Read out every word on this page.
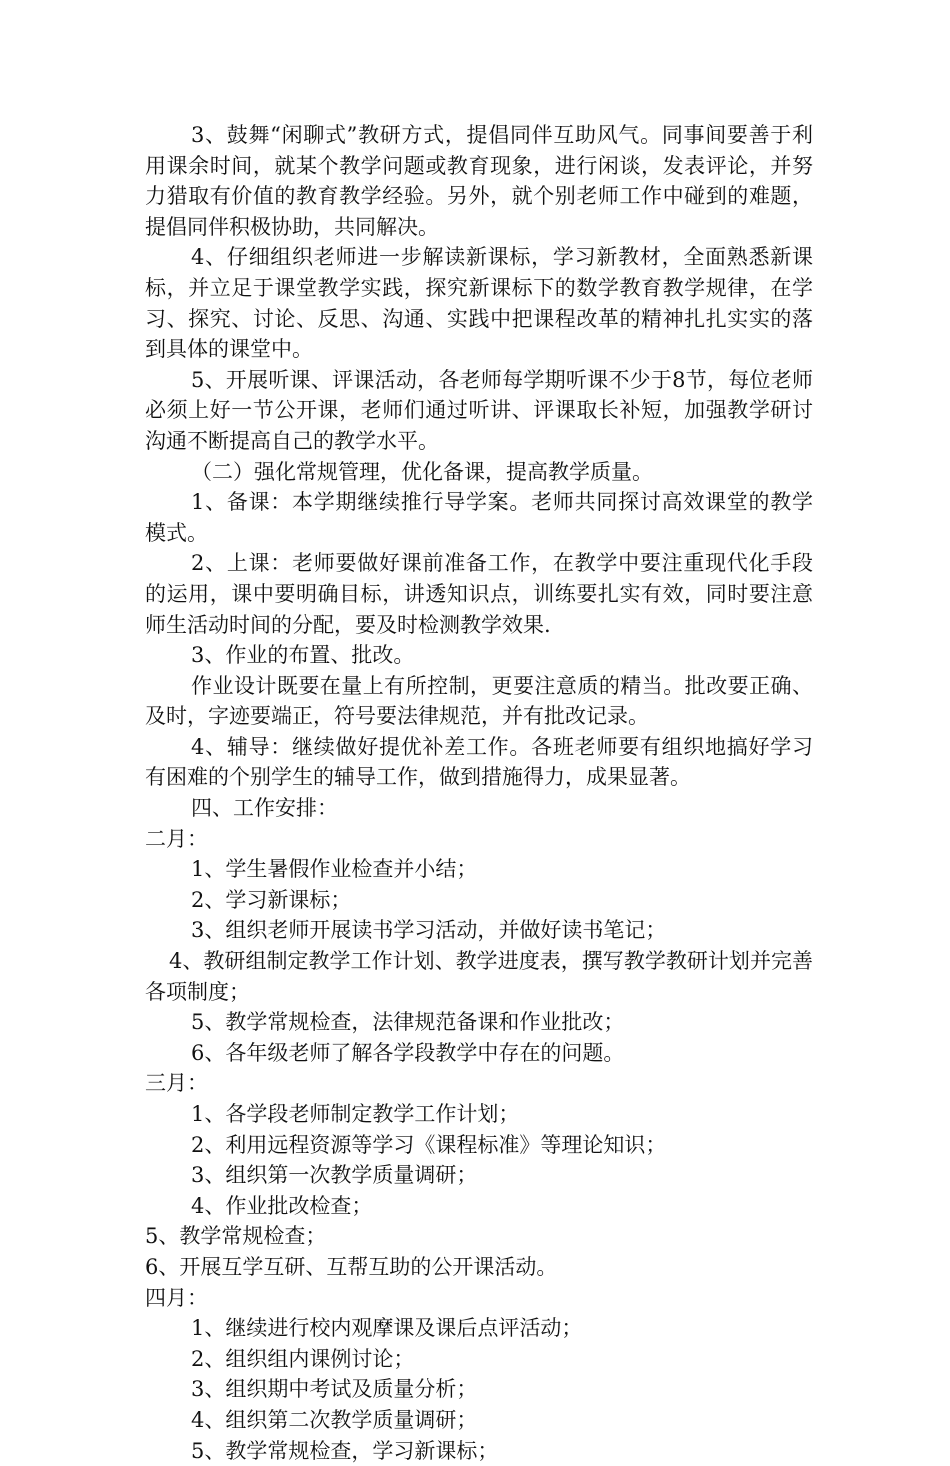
3、鼓舞“闲聊式”教研方式，提倡同伴互助风气。同事间要善于利用课余时间，就某个教学问题或教育现象，进行闲谈，发表评论，并努力猎取有价值的教育教学经验。另外，就个别老师工作中碰到的难题，提倡同伴积极协助，共同解决。

4、仔细组织老师进一步解读新课标，学习新教材，全面熟悉新课标，并立足于课堂教学实践，探究新课标下的数学教育教学规律，在学习、探究、讨论、反思、沟通、实践中把课程改革的精神扎扎实实的落到具体的课堂中。

5、开展听课、评课活动，各老师每学期听课不少于8节，每位老师必须上好一节公开课，老师们通过听讲、评课取长补短，加强教学研讨沟通不断提高自己的教学水平。

（二）强化常规管理，优化备课，提高教学质量。

1、备课：本学期继续推行导学案。老师共同探讨高效课堂的教学模式。

2、上课：老师要做好课前准备工作，在教学中要注重现代化手段的运用，课中要明确目标，讲透知识点，训练要扎实有效，同时要注意师生活动时间的分配，要及时检测教学效果.

3、作业的布置、批改。

作业设计既要在量上有所控制，更要注意质的精当。批改要正确、及时，字迹要端正，符号要法律规范，并有批改记录。

4、辅导：继续做好提优补差工作。各班老师要有组织地搞好学习有困难的个别学生的辅导工作，做到措施得力，成果显著。

四、工作安排：

二月：

1、学生暑假作业检查并小结；

2、学习新课标；

3、组织老师开展读书学习活动，并做好读书笔记；

4、教研组制定教学工作计划、教学进度表，撰写教学教研计划并完善各项制度；

5、教学常规检查，法律规范备课和作业批改；

6、各年级老师了解各学段教学中存在的问题。

三月：

1、各学段老师制定教学工作计划；

2、利用远程资源等学习《课程标准》等理论知识；

3、组织第一次教学质量调研；

4、作业批改检查；

5、教学常规检查；

6、开展互学互研、互帮互助的公开课活动。

四月：

1、继续进行校内观摩课及课后点评活动；

2、组织组内课例讨论；

3、组织期中考试及质量分析；

4、组织第二次教学质量调研；

5、教学常规检查，学习新课标；
